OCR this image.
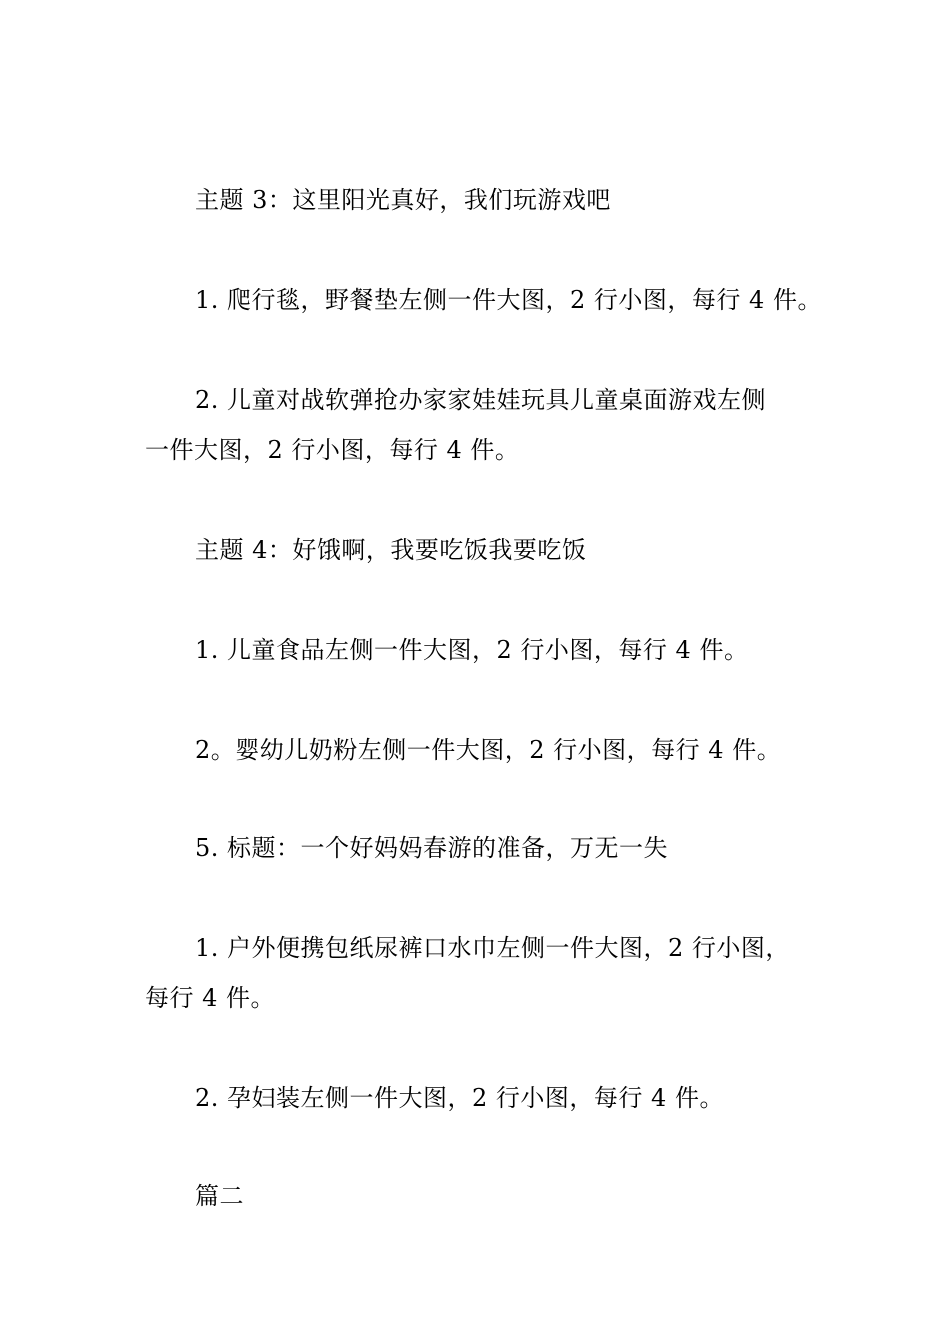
主题 3：这里阳光真好，我们玩游戏吧
1. 爬行毯，野餐垫左侧一件大图，2 行小图，每行 4 件。
2. 儿童对战软弹抢办家家娃娃玩具儿童桌面游戏左侧
一件大图，2 行小图，每行 4 件。
主题 4：好饿啊，我要吃饭我要吃饭
1. 儿童食品左侧一件大图，2 行小图，每行 4 件。
2。婴幼儿奶粉左侧一件大图，2 行小图，每行 4 件。
5. 标题：一个好妈妈春游的准备，万无一失
1. 户外便携包纸尿裤口水巾左侧一件大图，2 行小图，
每行 4 件。
2. 孕妇装左侧一件大图，2 行小图，每行 4 件。
篇二
